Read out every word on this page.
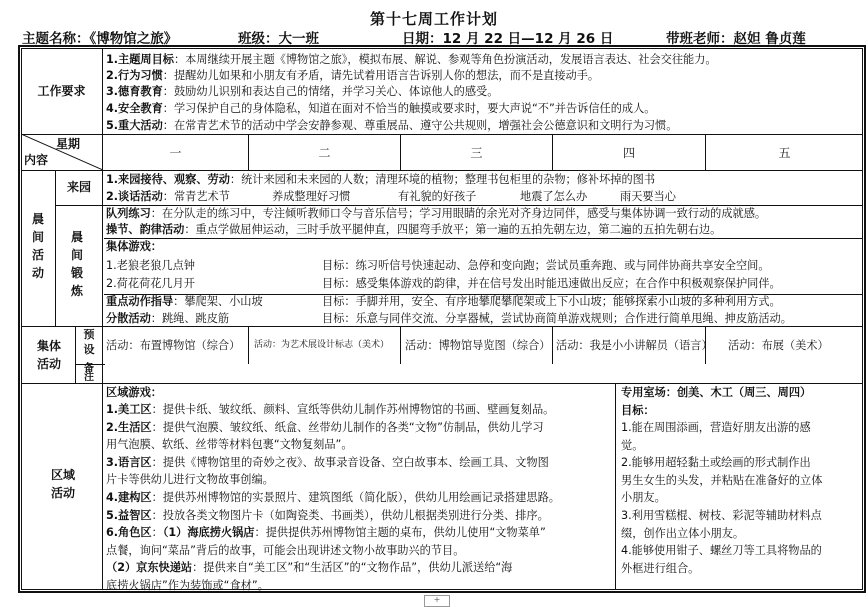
第十七周工作计划
主题名称：《博物馆之旅》	班级：大一班	日期：12 月 22 日—12 月 26 日	带班老师：赵妲 鲁贞莲
工作要求
1.主题周目标：本周继续开展主题《博物馆之旅》，模拟布展、解说、参观等角色扮演活动，发展语言表达、社会交往能力。
2.行为习惯：提醒幼儿如果和小朋友有矛盾，请先试着用语言告诉别人你的想法，而不是直接动手。
3.德育教育：鼓励幼儿识别和表达自己的情绪，并学习关心、体谅他人的感受。
4.安全教育：学习保护自己的身体隐私，知道在面对不恰当的触摸或要求时，要大声说“不”并告诉信任的成人。
5.重大活动：在常青艺术节的活动中学会安静参观、尊重展品、遵守公共规则，增强社会公德意识和文明行为习惯。
星期
内容	一	二	三	四	五
晨
间
活
动
来园
1.来园接待、观察、劳动：统计来园和未来园的人数；清理环境的植物；整理书包柜里的杂物；修补坏掉的图书
2.谈话活动：常青艺术节	养成整理好习惯	有礼貌的好孩子	地震了怎么办	雨天要当心
晨
间
锻
炼
队列练习：在分队走的练习中，专注倾听教师口令与音乐信号；学习用眼睛的余光对齐身边同伴，感受与集体协调一致行动的成就感。
操节、韵律活动：重点学做屈伸运动，三时手放平腿伸直，四腿弯手放平；第一遍的五拍先朝左边，第二遍的五拍先朝右边。
集体游戏：
1.老狼老狼几点钟	目标：练习听信号快速起动、急停和变向跑；尝试员重奔跑、或与同伴协商共享安全空间。
2.荷花荷花几月开	目标：感受集体游戏的韵律，并在信号发出时能迅速做出反应；在合作中积极观察保护同伴。
重点动作指导：攀爬架、小山坡	目标：手脚并用，安全、有序地攀爬攀爬架或上下小山坡；能够探索小山坡的多种利用方式。
分散活动：跳绳、跳皮筋	目标：乐意与同伴交流、分享器械，尝试协商简单游戏规则；合作进行简单甩绳、抻皮筋活动。
集体
活动
预
设
备
注
活动：布置博物馆（综合） 活动：为艺术展设计标志（美术） 活动：博物馆导览图（综合） 活动：我是小小讲解员（语言） 活动：布展（美术）
区域
活动
区域游戏：
1.美工区：提供卡纸、皱纹纸、颜料、宣纸等供幼儿制作苏州博物馆的书画、壁画复刻品。
2.生活区：提供气泡膜、皱纹纸、纸盒、丝带幼儿制作的各类“文物”仿制品，供幼儿学习
用气泡膜、软纸、丝带等材料包裹“文物复刻品”。
3.语言区：提供《博物馆里的奇妙之夜》、故事录音设备、空白故事本、绘画工具、文物图
片卡等供幼儿进行文物故事创编。
4.建构区：提供苏州博物馆的实景照片、建筑图纸（简化版），供幼儿用绘画记录搭建思路。
5.益智区：投放各类文物图片卡（如陶瓷类、书画类），供幼儿根据类别进行分类、排序。
6.角色区：（1）海底捞火锅店：提供提供苏州博物馆主题的桌布，供幼儿使用“文物菜单”
点餐，询问“菜品”背后的故事，可能会出现讲述文物小故事助兴的节目。
（2）京东快递站：提供来自“美工区”和“生活区”的“文物作品”，供幼儿派送给“海
底捞火锅店”作为装饰或“食材”。
专用室场：创美、木工（周三、周四）
目标：
1.能在周围添画，营造好朋友出游的感
觉。
2.能够用超轻黏土或绘画的形式制作出
男生女生的头发，并粘贴在准备好的立体
小朋友。
3.利用雪糕棍、树枝、彩泥等辅助材料点
缀，创作出立体小朋友。
4.能够使用钳子、螺丝刀等工具将物品的
外框进行组合。
+
